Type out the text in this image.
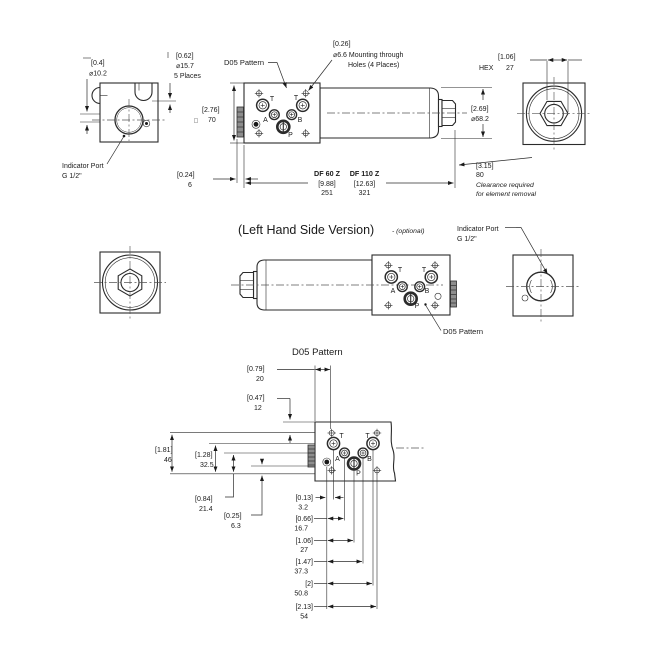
[0.4]
⌀10.2
[0.62]
⌀15.7
5 Places
Indicator Port
G 1/2"
T	T
A	B
P
D05 Pattern
[0.26]
⌀6.6 Mounting through
Holes (4 Places)
[2.76]
□ 70
[0.24]
6
DF 60 Z
[9.88]
251
DF 110 Z
[12.63]
321
[2.69]
⌀68.2
[3.15]
80
Clearance required
for element removal
[1.06]
HEX 27
(Left Hand Side Version)	- (optional)
T	T
A	B
P
D05 Pattern
Indicator Port
G 1/2"
D05 Pattern
T	T
A	B
P
[0.79]
20
[0.47]
12
[1.81]
46
[1.28]
32.5
[0.84]
21.4
[0.25]
6.3
[0.13]
3.2
[0.66]
16.7
[1.06]
27
[1.47]
37.3
[2]
50.8
[2.13]
54
